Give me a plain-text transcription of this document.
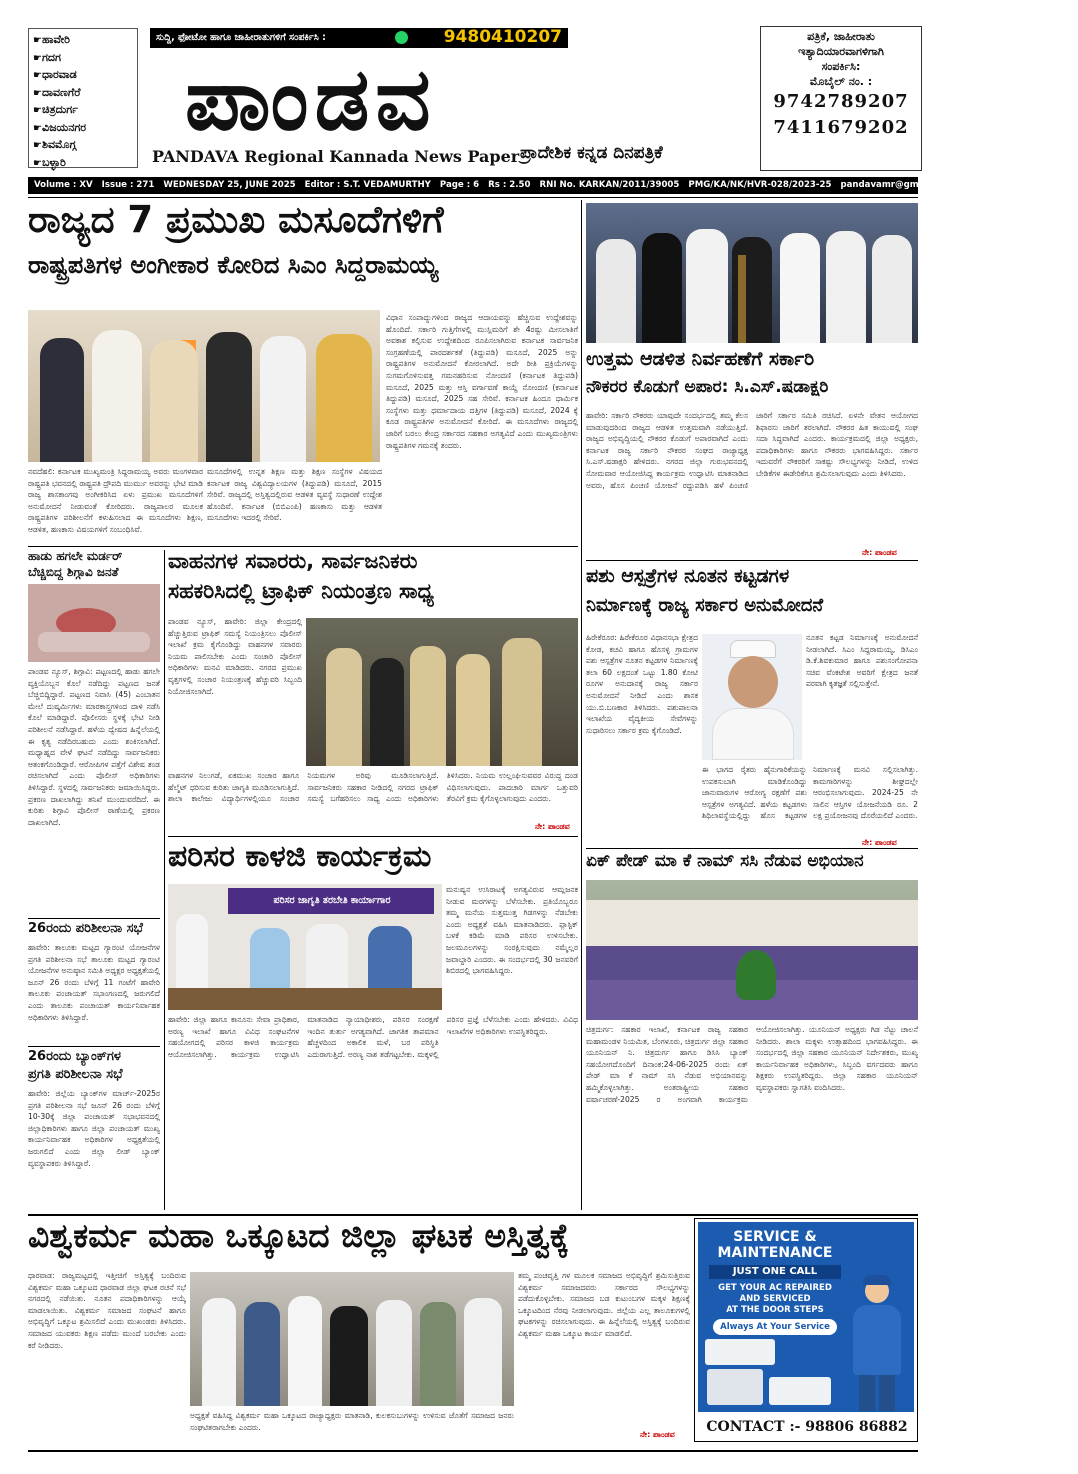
☛ ಹಾವೇರಿ
☛ ಗದಗ
☛ ಧಾರವಾಡ
☛ ದಾವಣಗೆರೆ
☛ ಚಿತ್ರದುರ್ಗ
☛ ವಿಜಯನಗರ
☛ ಶಿವಮೊಗ್ಗ
☛ ಬಳ್ಳಾರಿ
ಸುದ್ದಿ, ಫೋಟೋ ಹಾಗೂ ಜಾಹೀರಾತುಗಳಿಗೆ ಸಂಪರ್ಕಿಸಿ :	9480410207
ಪಾಂಡವ
PANDAVA Regional Kannada News Paper ಪ್ರಾದೇಶಿಕ ಕನ್ನಡ ದಿನಪತ್ರಿಕೆ
ಪತ್ರಿಕೆ, ಜಾಹೀರಾತು
ಇತ್ಯಾದಿಯಾರವಾಗಳಿಗಾಗಿ
ಸಂಪರ್ಕಿಸಿ:
ಮೊಬೈಲ್ ನಂ. :
9742789207
7411679202
Volume : XV Issue : 271 WEDNESDAY 25, JUNE 2025 Editor : S.T. VEDAMURTHY Page : 6 Rs : 2.50 RNI No. KARKAN/2011/39005 PMG/KA/NK/HVR-028/2023-25 pandavamr@gmail.com Mob No. : 9742789207
ರಾಜ್ಯದ 7 ಪ್ರಮುಖ ಮಸೂದೆಗಳಿಗೆ
ರಾಷ್ಟ್ರಪತಿಗಳ ಅಂಗೀಕಾರ ಕೋರಿದ ಸಿಎಂ ಸಿದ್ದರಾಮಯ್ಯ
ವಿಧಾನ ಸಂಪಾದ್ನುಗಳಿಂದ ರಾಜ್ಯದ ಆದಾಯವನ್ನು ಹೆಚ್ಚಿಸುವ ಉದ್ದೇಶವನ್ನು ಹೊಂದಿದೆ. ಸರ್ಕಾರಿ ಗುತ್ತಿಗೆಗಳಲ್ಲಿ ಮುಸ್ಲಿಮರಿಗೆ ಶೇ 4ರಷ್ಟು ಮೀಸಲಾತಿಗೆ ಅವಕಾಶ ಕಲ್ಪಿಸುವ ಉದ್ದೇಶದಿಂದ ರೂಪಿಸಲಾಗಿರುವ ಕರ್ನಾಟಕ ಸಾರ್ವಜನಿಕ ಸಂಗ್ರಹಣೆಯಲ್ಲಿ ಪಾರದರ್ಶಕತೆ (ತಿದ್ದುಪಡಿ) ಮಸೂದೆ, 2025 ಅನ್ನು ರಾಷ್ಟ್ರಪತಿಗಳ ಅನುಮೋದನೆ ಕೋರಲಾಗಿದೆ. ಅದೇ ರೀತಿ ಪ್ರಕ್ರಿಯೆಗಳನ್ನು ಸುಗಮಗೊಳಿಸುವತ್ತ ಗಮನಹರಿಸುವ ನೋಂದಣಿ (ಕರ್ನಾಟಕ ತಿದ್ದುಪಡಿ) ಮಸೂದೆ, 2025 ಮತ್ತು ಆಸ್ತಿ ವರ್ಗಾವಣೆ ಕಾಯ್ದೆ ನೋಂದಣಿ (ಕರ್ನಾಟಕ ತಿದ್ದುಪಡಿ) ಮಸೂದೆ, 2025 ಸಹ ಸೇರಿವೆ. ಕರ್ನಾಟಕ ಹಿಂದೂ ಧಾರ್ಮಿಕ ಸಂಸ್ಥೆಗಳು ಮತ್ತು ಧರ್ಮಾದಾಯ ದತ್ತಿಗಳ (ತಿದ್ದುಪಡಿ) ಮಸೂದೆ, 2024 ಕ್ಕೆ ಕೂಡ ರಾಷ್ಟ್ರಪತಿಗಳ ಅನುಮೋದನೆ ಕೋರಿದೆ. ಈ ಮಸೂದೆಗಳು ರಾಜ್ಯದಲ್ಲಿ ಜಾರಿಗೆ ಬರಲು ಕೇಂದ್ರ ಸರ್ಕಾರದ ಸಹಕಾರ ಅಗತ್ಯವಿದೆ ಎಂದು ಮುಖ್ಯಮಂತ್ರಿಗಳು ರಾಷ್ಟ್ರಪತಿಗಳ ಗಮನಕ್ಕೆ ತಂದರು.
ನವದೆಹಲಿ: ಕರ್ನಾಟಕ ಮುಖ್ಯಮಂತ್ರಿ ಸಿದ್ದರಾಮಯ್ಯ ಅವರು ಮಂಗಳವಾರ ರಾಷ್ಟ್ರಪತಿ ಭವನದಲ್ಲಿ ರಾಷ್ಟ್ರಪತಿ ದ್ರೌಪದಿ ಮುರ್ಮು ಅವರನ್ನು ಭೇಟಿ ಮಾಡಿ ರಾಜ್ಯ ಶಾಸಕಾಂಗವು ಅಂಗೀಕರಿಸಿದ ಏಳು ಪ್ರಮುಖ ಮಸೂದೆಗಳಿಗೆ ಅನುಮೋದನೆ ನೀಡುವಂತೆ ಕೋರಿದರು. ರಾಜ್ಯಪಾಲರ ಮೂಲಕ ರಾಷ್ಟ್ರಪತಿಗಳ ಪರಿಶೀಲನೆಗೆ ಕಳುಹಿಸಲಾದ ಈ ಮಸೂದೆಗಳು ಶಿಕ್ಷಣ, ಆಡಳಿತ, ಹಣಕಾಸು ವಿಷಯಗಳಿಗೆ ಸಂಬಂಧಿಸಿವೆ.
ಮಸೂದೆಗಳಲ್ಲಿ ಉನ್ನತ ಶಿಕ್ಷಣ ಮತ್ತು ಶಿಕ್ಷಣ ಸಂಸ್ಥೆಗಳ ವಿಷಯದ ಕರ್ನಾಟಕ ರಾಜ್ಯ ವಿಶ್ವವಿದ್ಯಾಲಯಗಳ (ತಿದ್ದುಪಡಿ) ಮಸೂದೆ, 2015 ಸೇರಿವೆ. ರಾಜ್ಯದಲ್ಲಿ ಅಸ್ತಿತ್ವದಲ್ಲಿರುವ ಆಡಳಿತ ವ್ಯವಸ್ಥೆ ಸುಧಾರಣೆ ಉದ್ದೇಶ ಹೊಂದಿವೆ. ಕರ್ನಾಟಕ (ಬಿಬಿಎಂಪಿ) ಹಣಕಾಸು ಮತ್ತು ಆಡಳಿತ ಮಸೂದೆಗಳು ಇದರಲ್ಲಿ ಸೇರಿವೆ.
ಉತ್ತಮ ಆಡಳಿತ ನಿರ್ವಹಣೆಗೆ ಸರ್ಕಾರಿ
ನೌಕರರ ಕೊಡುಗೆ ಅಪಾರ: ಸಿ.ಎಸ್.ಷಡಾಕ್ಷರಿ
ಹಾವೇರಿ: ಸರ್ಕಾರಿ ನೌಕರರು ಯಾವುದೇ ಸಂದರ್ಭದಲ್ಲಿ ತಮ್ಮ ಕೆಲಸ ಮಾಡುವುದರಿಂದ ರಾಜ್ಯದ ಆಡಳಿತ ಉತ್ತಮವಾಗಿ ನಡೆಯುತ್ತಿದೆ. ರಾಜ್ಯದ ಅಭಿವೃದ್ಧಿಯಲ್ಲಿ ನೌಕರರ ಕೊಡುಗೆ ಅಪಾರವಾಗಿದೆ ಎಂದು ಕರ್ನಾಟಕ ರಾಜ್ಯ ಸರ್ಕಾರಿ ನೌಕರರ ಸಂಘದ ರಾಜ್ಯಾಧ್ಯಕ್ಷ ಸಿ.ಎಸ್.ಷಡಾಕ್ಷರಿ ಹೇಳಿದರು. ನಗರದ ಜಿಲ್ಲಾ ಗುರುಭವನದಲ್ಲಿ ಸೋಮವಾರ ಆಯೋಜಿಸಿದ್ದ ಕಾರ್ಯಕ್ರಮ ಉದ್ಘಾಟಿಸಿ ಮಾತನಾಡಿದ ಅವರು, ಹೊಸ ಪಿಂಚಣಿ ಯೋಜನೆ ರದ್ದುಪಡಿಸಿ ಹಳೆ ಪಿಂಚಣಿ ಜಾರಿಗೆ ಸರ್ಕಾರ ಸಮಿತಿ ರಚಿಸಿದೆ. ಏಳನೇ ವೇತನ ಆಯೋಗದ ಶಿಫಾರಸು ಜಾರಿಗೆ ತರಲಾಗಿದೆ. ನೌಕರರ ಹಿತ ಕಾಯುವಲ್ಲಿ ಸಂಘ ಸದಾ ಸಿದ್ಧವಾಗಿದೆ ಎಂದರು. ಕಾರ್ಯಕ್ರಮದಲ್ಲಿ ಜಿಲ್ಲಾ ಅಧ್ಯಕ್ಷರು, ಪದಾಧಿಕಾರಿಗಳು ಹಾಗೂ ನೌಕರರು ಭಾಗವಹಿಸಿದ್ದರು. ಸರ್ಕಾರ ಇದುವರೆಗೆ ನೌಕರರಿಗೆ ಸಾಕಷ್ಟು ಸೌಲಭ್ಯಗಳನ್ನು ನೀಡಿದೆ, ಉಳಿದ ಬೇಡಿಕೆಗಳ ಈಡೇರಿಕೆಗೂ ಶ್ರಮಿಸಲಾಗುವುದು ಎಂದು ತಿಳಿಸಿದರು.
ನೇ: ಪಾಂಡವ
ಹಾಡು ಹಗಲೇ ಮರ್ಡರ್
ಬೆಚ್ಚಿಬಿದ್ದ ಶಿಗ್ಗಾವಿ ಜನತೆ
ಪಾಂಡವ ನ್ಯೂಸ್, ಶಿಗ್ಗಾವಿ: ಪಟ್ಟಣದಲ್ಲಿ ಹಾಡು ಹಗಲೇ ವ್ಯಕ್ತಿಯೊಬ್ಬನ ಕೊಲೆ ನಡೆದಿದ್ದು ಪಟ್ಟಣದ ಜನತೆ ಬೆಚ್ಚಿಬಿದ್ದಿದ್ದಾರೆ. ಪಟ್ಟಣದ ನಿವಾಸಿ (45) ಎಂಬಾತನ ಮೇಲೆ ದುಷ್ಕರ್ಮಿಗಳು ಮಾರಕಾಸ್ತ್ರಗಳಿಂದ ದಾಳಿ ನಡೆಸಿ ಕೊಲೆ ಮಾಡಿದ್ದಾರೆ. ಪೊಲೀಸರು ಸ್ಥಳಕ್ಕೆ ಭೇಟಿ ನೀಡಿ ಪರಿಶೀಲನೆ ನಡೆಸಿದ್ದಾರೆ. ಹಳೆಯ ದ್ವೇಷದ ಹಿನ್ನೆಲೆಯಲ್ಲಿ ಈ ಕೃತ್ಯ ನಡೆದಿರಬಹುದು ಎಂದು ಶಂಕಿಸಲಾಗಿದೆ. ಮಧ್ಯಾಹ್ನದ ವೇಳೆ ಘಟನೆ ನಡೆದಿದ್ದು ಸಾರ್ವಜನಿಕರು ಆತಂಕಗೊಂಡಿದ್ದಾರೆ. ಆರೋಪಿಗಳ ಪತ್ತೆಗೆ ವಿಶೇಷ ತಂಡ ರಚಿಸಲಾಗಿದೆ ಎಂದು ಪೊಲೀಸ್ ಅಧಿಕಾರಿಗಳು ತಿಳಿಸಿದ್ದಾರೆ. ಸ್ಥಳದಲ್ಲಿ ಸಾರ್ವಜನಿಕರು ಜಮಾಯಿಸಿದ್ದರು. ಪ್ರಕರಣ ದಾಖಲಾಗಿದ್ದು ತನಿಖೆ ಮುಂದುವರೆದಿದೆ. ಈ ಕುರಿತು ಶಿಗ್ಗಾವಿ ಪೊಲೀಸ್ ಠಾಣೆಯಲ್ಲಿ ಪ್ರಕರಣ ದಾಖಲಾಗಿದೆ.
26ರಂದು ಪರಿಶೀಲನಾ ಸಭೆ
ಹಾವೇರಿ: ತಾಲೂಕು ಮಟ್ಟದ ಗ್ಯಾರಂಟಿ ಯೋಜನೆಗಳ ಪ್ರಗತಿ ಪರಿಶೀಲನಾ ಸಭೆ ತಾಲೂಕು ಮಟ್ಟದ ಗ್ಯಾರಂಟಿ ಯೋಜನೆಗಳ ಅನುಷ್ಠಾನ ಸಮಿತಿ ಅಧ್ಯಕ್ಷರ ಅಧ್ಯಕ್ಷತೆಯಲ್ಲಿ ಜೂನ್ 26 ರಂದು ಬೆಳಿಗ್ಗೆ 11 ಗಂಟೆಗೆ ಹಾವೇರಿ ತಾಲೂಕು ಪಂಚಾಯತ್ ಸಭಾಂಗಣದಲ್ಲಿ ಜರುಗಲಿದೆ ಎಂದು ತಾಲೂಕು ಪಂಚಾಯತ್ ಕಾರ್ಯನಿರ್ವಾಹಕ ಅಧಿಕಾರಿಗಳು ತಿಳಿಸಿದ್ದಾರೆ.
26ರಂದು ಬ್ಯಾಂಕ್‌ಗಳ
ಪ್ರಗತಿ ಪರಿಶೀಲನಾ ಸಭೆ
ಹಾವೇರಿ: ಜಿಲ್ಲೆಯ ಬ್ಯಾಂಕ್‌ಗಳ ಮಾರ್ಚ್-2025ರ ಪ್ರಗತಿ ಪರಿಶೀಲನಾ ಸಭೆ ಜೂನ್ 26 ರಂದು ಬೆಳಿಗ್ಗೆ 10-30ಕ್ಕೆ ಜಿಲ್ಲಾ ಪಂಚಾಯತ್ ಸಭಾಭವನದಲ್ಲಿ ಜಿಲ್ಲಾಧಿಕಾರಿಗಳು ಹಾಗೂ ಜಿಲ್ಲಾ ಪಂಚಾಯತ್ ಮುಖ್ಯ ಕಾರ್ಯನಿರ್ವಾಹಕ ಅಧಿಕಾರಿಗಳ ಅಧ್ಯಕ್ಷತೆಯಲ್ಲಿ ಜರುಗಲಿದೆ ಎಂದು ಜಿಲ್ಲಾ ಲೀಡ್ ಬ್ಯಾಂಕ್ ವ್ಯವಸ್ಥಾಪಕರು ತಿಳಿಸಿದ್ದಾರೆ.
ವಾಹನಗಳ ಸವಾರರು, ಸಾರ್ವಜನಿಕರು
ಸಹಕರಿಸಿದಲ್ಲಿ ಟ್ರಾಫಿಕ್ ನಿಯಂತ್ರಣ ಸಾಧ್ಯ
ಪಾಂಡವ ನ್ಯೂಸ್, ಹಾವೇರಿ: ಜಿಲ್ಲಾ ಕೇಂದ್ರದಲ್ಲಿ ಹೆಚ್ಚುತ್ತಿರುವ ಟ್ರಾಫಿಕ್ ಸಮಸ್ಯೆ ನಿಯಂತ್ರಿಸಲು ಪೊಲೀಸ್ ಇಲಾಖೆ ಕ್ರಮ ಕೈಗೊಂಡಿದ್ದು ವಾಹನಗಳ ಸವಾರರು ನಿಯಮ ಪಾಲಿಸಬೇಕು ಎಂದು ಸಂಚಾರಿ ಪೊಲೀಸ್ ಅಧಿಕಾರಿಗಳು ಮನವಿ ಮಾಡಿದರು. ನಗರದ ಪ್ರಮುಖ ವೃತ್ತಗಳಲ್ಲಿ ಸಂಚಾರ ನಿಯಂತ್ರಣಕ್ಕೆ ಹೆಚ್ಚುವರಿ ಸಿಬ್ಬಂದಿ ನಿಯೋಜಿಸಲಾಗಿದೆ.
ವಾಹನಗಳ ನಿಲುಗಡೆ, ಏಕಮುಖ ಸಂಚಾರ ಹಾಗೂ ಹೆಲ್ಮೆಟ್ ಧರಿಸುವ ಕುರಿತು ಜಾಗೃತಿ ಮೂಡಿಸಲಾಗುತ್ತಿದೆ. ಶಾಲಾ ಕಾಲೇಜು ವಿದ್ಯಾರ್ಥಿಗಳಲ್ಲಿಯೂ ಸಂಚಾರ ನಿಯಮಗಳ ಅರಿವು ಮೂಡಿಸಲಾಗುತ್ತಿದೆ. ಸಾರ್ವಜನಿಕರು ಸಹಕಾರ ನೀಡಿದಲ್ಲಿ ನಗರದ ಟ್ರಾಫಿಕ್ ಸಮಸ್ಯೆ ಬಗೆಹರಿಸಲು ಸಾಧ್ಯ ಎಂದು ಅಧಿಕಾರಿಗಳು ತಿಳಿಸಿದರು. ನಿಯಮ ಉಲ್ಲಂಘಿಸುವವರ ವಿರುದ್ಧ ದಂಡ ವಿಧಿಸಲಾಗುವುದು. ಪಾದಚಾರಿ ಮಾರ್ಗ ಒತ್ತುವರಿ ತೆರವಿಗೆ ಕ್ರಮ ಕೈಗೊಳ್ಳಲಾಗುವುದು ಎಂದರು.
ನೇ: ಪಾಂಡವ
ಪಶು ಆಸ್ಪತ್ರೆಗಳ ನೂತನ ಕಟ್ಟಡಗಳ
ನಿರ್ಮಾಣಕ್ಕೆ ರಾಜ್ಯ ಸರ್ಕಾರ ಅನುಮೋದನೆ
ಹಿರೇಕೆರೂರ: ಹಿರೇಕೆರೂರ ವಿಧಾನಸಭಾ ಕ್ಷೇತ್ರದ ಕೋಡ, ಕಚವಿ ಹಾಗೂ ಹೊಸಳ್ಳಿ ಗ್ರಾಮಗಳ ಪಶು ಆಸ್ಪತ್ರೆಗಳ ನೂತನ ಕಟ್ಟಡಗಳ ನಿರ್ಮಾಣಕ್ಕೆ ತಲಾ 60 ಲಕ್ಷದಂತೆ ಒಟ್ಟು 1.80 ಕೋಟಿ ರೂಗಳ ಅನುದಾನಕ್ಕೆ ರಾಜ್ಯ ಸರ್ಕಾರ ಅನುಮೋದನೆ ನೀಡಿದೆ ಎಂದು ಶಾಸಕ ಯು.ಬಿ.ಬಣಕಾರ ತಿಳಿಸಿದರು. ಪಶುಪಾಲನಾ ಇಲಾಖೆಯ ವೈದ್ಯಕೀಯ ಸೇವೆಗಳನ್ನು ಸುಧಾರಿಸಲು ಸರ್ಕಾರ ಕ್ರಮ ಕೈಗೊಂಡಿದೆ.
ನೂತನ ಕಟ್ಟಡ ನಿರ್ಮಾಣಕ್ಕೆ ಅನುಮೋದನೆ ನೀಡಲಾಗಿದೆ. ಸಿಎಂ ಸಿದ್ದರಾಮಯ್ಯ, ಡಿಸಿಎಂ ಡಿ.ಕೆ.ಶಿವಕುಮಾರ ಹಾಗೂ ಪಶುಸಂಗೋಪನಾ ಸಚಿವ ವೆಂಕಟೇಶ ಅವರಿಗೆ ಕ್ಷೇತ್ರದ ಜನತೆ ಪರವಾಗಿ ಕೃತಜ್ಞತೆ ಸಲ್ಲಿಸುತ್ತೇನೆ.
ಈ ಭಾಗದ ರೈತರು ಹೈನುಗಾರಿಕೆಯನ್ನು ಉಪಕಸುಬಾಗಿ ಮಾಡಿಕೊಂಡಿದ್ದು ಜಾನುವಾರುಗಳ ಆರೋಗ್ಯ ರಕ್ಷಣೆಗೆ ಪಶು ಆಸ್ಪತ್ರೆಗಳ ಅಗತ್ಯವಿದೆ. ಹಳೆಯ ಕಟ್ಟಡಗಳು ಶಿಥಿಲಾವಸ್ಥೆಯಲ್ಲಿದ್ದು ಹೊಸ ಕಟ್ಟಡಗಳ ನಿರ್ಮಾಣಕ್ಕೆ ಮನವಿ ಸಲ್ಲಿಸಲಾಗಿತ್ತು. ಕಾಮಗಾರಿಗಳನ್ನು ಶೀಘ್ರದಲ್ಲೇ ಆರಂಭಿಸಲಾಗುವುದು. 2024-25 ನೇ ಸಾಲಿನ ಆಸ್ತಿಗಳ ಯೋಜನೆಯಡಿ ರೂ. 2 ಲಕ್ಷ ಪ್ರಯೋಜನವು ದೊರೆಯಲಿದೆ ಎಂದರು.
ನೇ: ಪಾಂಡವ
ಪರಿಸರ ಕಾಳಜಿ ಕಾರ್ಯಕ್ರಮ
ಪರಿಸರ ಜಾಗೃತಿ ತರಬೇತಿ ಕಾರ್ಯಾಗಾರ
ಮನುಷ್ಯನ ಉಸಿರಾಟಕ್ಕೆ ಅಗತ್ಯವಿರುವ ಆಮ್ಲಜನಕ ನೀಡುವ ಮರಗಳನ್ನು ಬೆಳೆಸಬೇಕು. ಪ್ರತಿಯೊಬ್ಬರೂ ತಮ್ಮ ಮನೆಯ ಸುತ್ತಮುತ್ತ ಗಿಡಗಳನ್ನು ನೆಡಬೇಕು ಎಂದು ಅಧ್ಯಕ್ಷತೆ ವಹಿಸಿ ಮಾತನಾಡಿದರು. ಪ್ಲಾಸ್ಟಿಕ್ ಬಳಕೆ ಕಡಿಮೆ ಮಾಡಿ ಪರಿಸರ ಉಳಿಸಬೇಕು. ಜಲಮೂಲಗಳನ್ನು ಸಂರಕ್ಷಿಸುವುದು ನಮ್ಮೆಲ್ಲರ ಜವಾಬ್ದಾರಿ ಎಂದರು. ಈ ಸಂದರ್ಭದಲ್ಲಿ 30 ಜನವರಿಗೆ ಶಿಬಿರದಲ್ಲಿ ಭಾಗವಹಿಸಿದ್ದರು.
ಹಾವೇರಿ: ಜಿಲ್ಲಾ ಹಾಗೂ ಕಾನೂನು ಸೇವಾ ಪ್ರಾಧಿಕಾರ, ಅರಣ್ಯ ಇಲಾಖೆ ಹಾಗೂ ವಿವಿಧ ಸಂಘಟನೆಗಳ ಸಹಯೋಗದಲ್ಲಿ ಪರಿಸರ ಕಾಳಜಿ ಕಾರ್ಯಕ್ರಮ ಆಯೋಜಿಸಲಾಗಿತ್ತು. ಕಾರ್ಯಕ್ರಮ ಉದ್ಘಾಟಿಸಿ ಮಾತನಾಡಿದ ನ್ಯಾಯಾಧೀಶರು, ಪರಿಸರ ಸಂರಕ್ಷಣೆ ಇಂದಿನ ತುರ್ತು ಅಗತ್ಯವಾಗಿದೆ. ಜಾಗತಿಕ ತಾಪಮಾನ ಹೆಚ್ಚಳದಿಂದ ಅಕಾಲಿಕ ಮಳೆ, ಬರ ಪರಿಸ್ಥಿತಿ ಎದುರಾಗುತ್ತಿದೆ. ಅರಣ್ಯ ನಾಶ ತಡೆಗಟ್ಟಬೇಕು. ಮಕ್ಕಳಲ್ಲಿ ಪರಿಸರ ಪ್ರಜ್ಞೆ ಬೆಳೆಸಬೇಕು ಎಂದು ಹೇಳಿದರು. ವಿವಿಧ ಇಲಾಖೆಗಳ ಅಧಿಕಾರಿಗಳು ಉಪಸ್ಥಿತರಿದ್ದರು.
ಏಕ್ ಪೇಡ್ ಮಾ ಕೆ ನಾಮ್ ಸಸಿ ನೆಡುವ ಅಭಿಯಾನ
ಚಿತ್ರದುರ್ಗ: ಸಹಕಾರ ಇಲಾಖೆ, ಕರ್ನಾಟಕ ರಾಜ್ಯ ಸಹಕಾರ ಮಹಾಮಂಡಳ ನಿಯಮಿತ, ಬೆಂಗಳೂರು, ಚಿತ್ರದುರ್ಗ ಜಿಲ್ಲಾ ಸಹಕಾರ ಯೂನಿಯನ್ ನಿ. ಚಿತ್ರದುರ್ಗ ಹಾಗೂ ಡಿಸಿಸಿ ಬ್ಯಾಂಕ್ ಸಹಯೋಗದೊಂದಿಗೆ ದಿನಾಂಕ:24-06-2025 ರಂದು ಏಕ್ ಪೇಡ್ ಮಾ ಕೆ ನಾಮ್ ಸಸಿ ನೆಡುವ ಅಭಿಯಾನವನ್ನು ಹಮ್ಮಿಕೊಳ್ಳಲಾಗಿತ್ತು. ಅಂತರಾಷ್ಟ್ರೀಯ ಸಹಕಾರ ವರ್ಷಾಚರಣೆ-2025 ರ ಅಂಗವಾಗಿ ಕಾರ್ಯಕ್ರಮ ಆಯೋಜಿಸಲಾಗಿತ್ತು. ಯೂನಿಯನ್ ಅಧ್ಯಕ್ಷರು ಗಿಡ ನೆಟ್ಟು ಚಾಲನೆ ನೀಡಿದರು. ಶಾಲಾ ಮಕ್ಕಳು ಉತ್ಸಾಹದಿಂದ ಭಾಗವಹಿಸಿದ್ದರು. ಈ ಸಂದರ್ಭದಲ್ಲಿ ಜಿಲ್ಲಾ ಸಹಕಾರ ಯೂನಿಯನ್ ನಿರ್ದೇಶಕರು, ಮುಖ್ಯ ಕಾರ್ಯನಿರ್ವಾಹಕ ಅಧಿಕಾರಿಗಳು, ಸಿಬ್ಬಂದಿ ವರ್ಗದವರು ಹಾಗೂ ಶಿಕ್ಷಕರು ಉಪಸ್ಥಿತರಿದ್ದರು. ಜಿಲ್ಲಾ ಸಹಕಾರ ಯೂನಿಯನ್ ವ್ಯವಸ್ಥಾಪಕರು ಸ್ವಾಗತಿಸಿ ವಂದಿಸಿದರು.
ವಿಶ್ವಕರ್ಮ ಮಹಾ ಒಕ್ಕೂಟದ ಜಿಲ್ಲಾ ಘಟಕ ಅಸ್ತಿತ್ವಕ್ಕೆ
ಧಾರವಾಡ: ರಾಜ್ಯಮಟ್ಟದಲ್ಲಿ ಇತ್ತೀಚಿಗೆ ಅಸ್ತಿತ್ವಕ್ಕೆ ಬಂದಿರುವ ವಿಶ್ವಕರ್ಮ ಮಹಾ ಒಕ್ಕೂಟದ ಧಾರವಾಡ ಜಿಲ್ಲಾ ಘಟಕ ರಚನೆ ಸಭೆ ನಗರದಲ್ಲಿ ನಡೆಯಿತು. ನೂತನ ಪದಾಧಿಕಾರಿಗಳನ್ನು ಆಯ್ಕೆ ಮಾಡಲಾಯಿತು. ವಿಶ್ವಕರ್ಮ ಸಮಾಜದ ಸಂಘಟನೆ ಹಾಗೂ ಅಭಿವೃದ್ಧಿಗೆ ಒಕ್ಕೂಟ ಶ್ರಮಿಸಲಿದೆ ಎಂದು ಮುಖಂಡರು ತಿಳಿಸಿದರು. ಸಮಾಜದ ಯುವಕರು ಶಿಕ್ಷಣ ಪಡೆದು ಮುಂದೆ ಬರಬೇಕು ಎಂದು ಕರೆ ನೀಡಿದರು.
ಅಧ್ಯಕ್ಷತೆ ವಹಿಸಿದ್ದ ವಿಶ್ವಕರ್ಮ ಮಹಾ ಒಕ್ಕೂಟದ ರಾಜ್ಯಾಧ್ಯಕ್ಷರು ಮಾತನಾಡಿ, ಕುಲಕಸುಬುಗಳನ್ನು ಉಳಿಸುವ ಜೊತೆಗೆ ಸಮಾಜದ ಜನರು ಸಂಘಟಿತರಾಗಬೇಕು ಎಂದರು.
ತಮ್ಮ ಪಂಚವೃತ್ತಿ ಗಳ ಮೂಲಕ ಸಮಾಜದ ಅಭಿವೃದ್ಧಿಗೆ ಶ್ರಮಿಸುತ್ತಿರುವ ವಿಶ್ವಕರ್ಮ ಸಮಾಜದವರು ಸರ್ಕಾರದ ಸೌಲಭ್ಯಗಳನ್ನು ಪಡೆದುಕೊಳ್ಳಬೇಕು. ಸಮಾಜದ ಬಡ ಕುಟುಂಬಗಳ ಮಕ್ಕಳ ಶಿಕ್ಷಣಕ್ಕೆ ಒಕ್ಕೂಟದಿಂದ ನೆರವು ನೀಡಲಾಗುವುದು. ಜಿಲ್ಲೆಯ ಎಲ್ಲ ತಾಲೂಕುಗಳಲ್ಲಿ ಘಟಕಗಳನ್ನು ರಚಿಸಲಾಗುವುದು. ಈ ಹಿನ್ನೆಲೆಯಲ್ಲಿ ಅಸ್ತಿತ್ವಕ್ಕೆ ಬಂದಿರುವ ವಿಶ್ವಕರ್ಮ ಮಹಾ ಒಕ್ಕೂಟ ಕಾರ್ಯ ಮಾಡಲಿದೆ.
ನೇ: ಪಾಂಡವ
SERVICE &
MAINTENANCE
JUST ONE CALL
GET YOUR AC REPAIRED
AND SERVICED
AT THE DOOR STEPS
Always At Your Service
CONTACT :- 98806 86882
